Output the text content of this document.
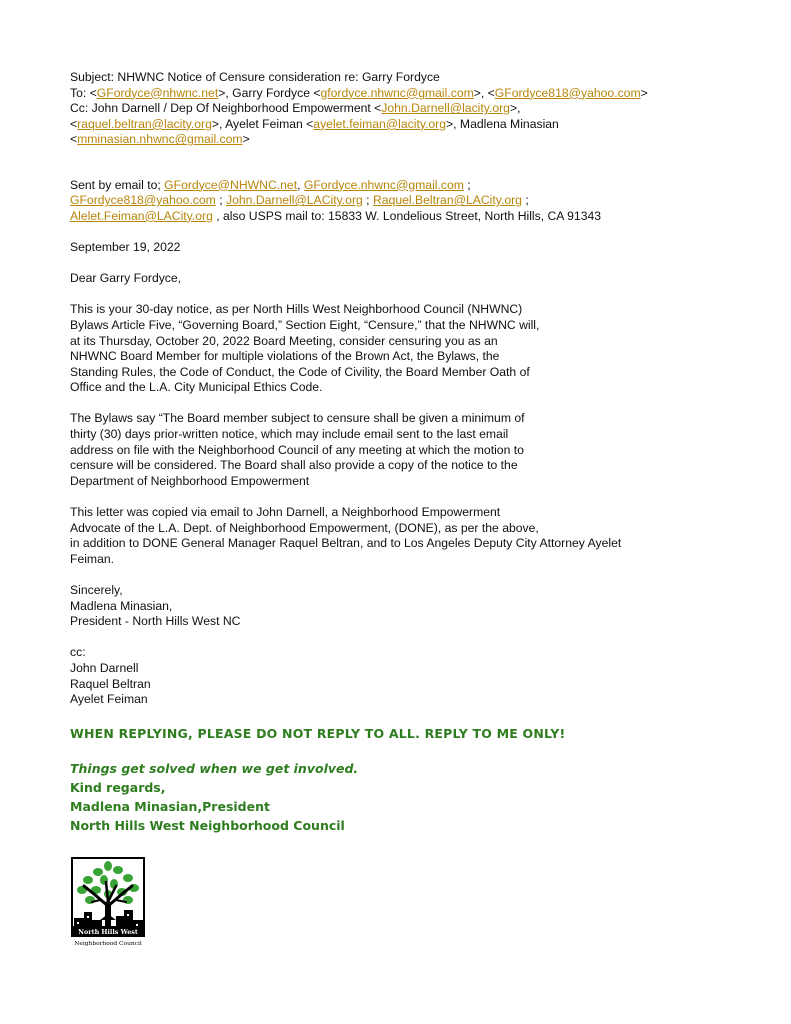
Subject: NHWNC Notice of Censure consideration re: Garry Fordyce
To: <GFordyce@nhwnc.net>, Garry Fordyce <gfordyce.nhwnc@gmail.com>, <GFordyce818@yahoo.com>
Cc: John Darnell / Dep Of Neighborhood Empowerment <John.Darnell@lacity.org>,
<raquel.beltran@lacity.org>, Ayelet Feiman <ayelet.feiman@lacity.org>, Madlena Minasian
<mminasian.nhwnc@gmail.com>
Sent by email to; GFordyce@NHWNC.net, GFordyce.nhwnc@gmail.com ;
GFordyce818@yahoo.com ; John.Darnell@LACity.org ; Raquel.Beltran@LACity.org ;
Alelet.Feiman@LACity.org , also USPS mail to: 15833 W. Londelious Street, North Hills, CA 91343
September 19, 2022
Dear Garry Fordyce,
This is your 30-day notice, as per North Hills West Neighborhood Council (NHWNC)
Bylaws Article Five, “Governing Board,” Section Eight, “Censure,” that the NHWNC will,
at its Thursday, October 20, 2022 Board Meeting, consider censuring you as an
NHWNC Board Member for multiple violations of the Brown Act, the Bylaws, the
Standing Rules, the Code of Conduct, the Code of Civility, the Board Member Oath of
Office and the L.A. City Municipal Ethics Code.
The Bylaws say “The Board member subject to censure shall be given a minimum of
thirty (30) days prior-written notice, which may include email sent to the last email
address on file with the Neighborhood Council of any meeting at which the motion to
censure will be considered. The Board shall also provide a copy of the notice to the
Department of Neighborhood Empowerment
This letter was copied via email to John Darnell, a Neighborhood Empowerment
Advocate of the L.A. Dept. of Neighborhood Empowerment, (DONE), as per the above,
in addition to DONE General Manager Raquel Beltran, and to Los Angeles Deputy City Attorney Ayelet
Feiman.
Sincerely,
Madlena Minasian,
President - North Hills West NC
cc:
John Darnell
Raquel Beltran
Ayelet Feiman
WHEN REPLYING, PLEASE DO NOT REPLY TO ALL. REPLY TO ME ONLY!
Things get solved when we get involved.
Kind regards,
Madlena Minasian,President
North Hills West Neighborhood Council
North Hills West
Neighborhood Council
